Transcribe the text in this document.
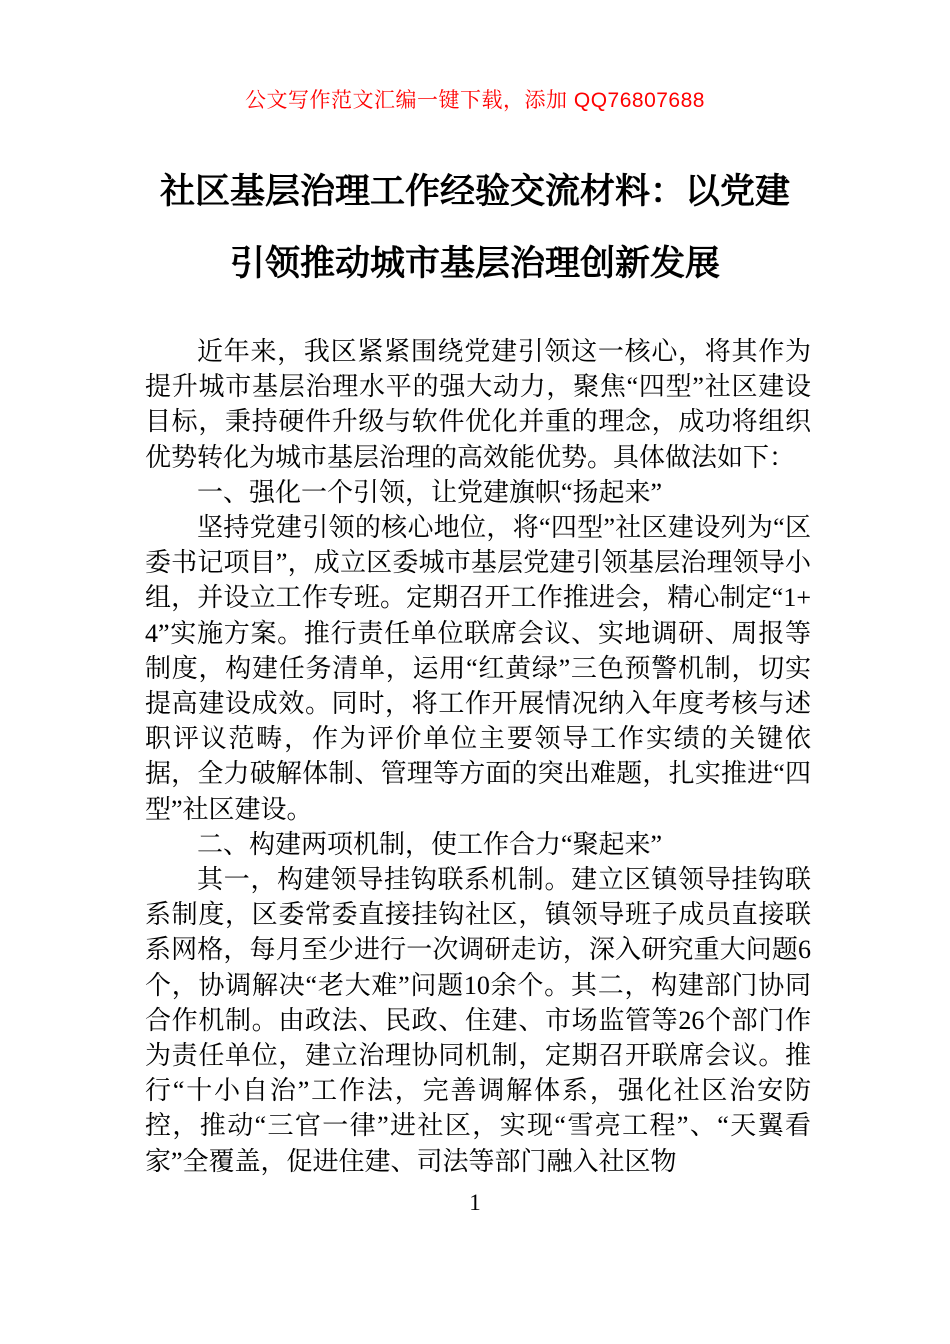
公文写作范文汇编一键下载，添加 QQ76807688
社区基层治理工作经验交流材料：以党建
引领推动城市基层治理创新发展

近年来，我区紧紧围绕党建引领这一核心，将其作为提升城市基层治理水平的强大动力，聚焦“四型”社区建设目标，秉持硬件升级与软件优化并重的理念，成功将组织优势转化为城市基层治理的高效能优势。具体做法如下：

一、强化一个引领，让党建旗帜“扬起来”

坚持党建引领的核心地位，将“四型”社区建设列为“区委书记项目”，成立区委城市基层党建引领基层治理领导小组，并设立工作专班。定期召开工作推进会，精心制定“1+4”实施方案。推行责任单位联席会议、实地调研、周报等制度，构建任务清单，运用“红黄绿”三色预警机制，切实提高建设成效。同时，将工作开展情况纳入年度考核与述职评议范畴，作为评价单位主要领导工作实绩的关键依据，全力破解体制、管理等方面的突出难题，扎实推进“四型”社区建设。

二、构建两项机制，使工作合力“聚起来”

其一，构建领导挂钩联系机制。建立区镇领导挂钩联系制度，区委常委直接挂钩社区，镇领导班子成员直接联系网格，每月至少进行一次调研走访，深入研究重大问题6个，协调解决“老大难”问题10余个。其二，构建部门协同合作机制。由政法、民政、住建、市场监管等26个部门作为责任单位，建立治理协同机制，定期召开联席会议。推行“十小自治”工作法，完善调解体系，强化社区治安防控，推动“三官一律”进社区，实现“雪亮工程”、“天翼看家”全覆盖，促进住建、司法等部门融入社区物

1
